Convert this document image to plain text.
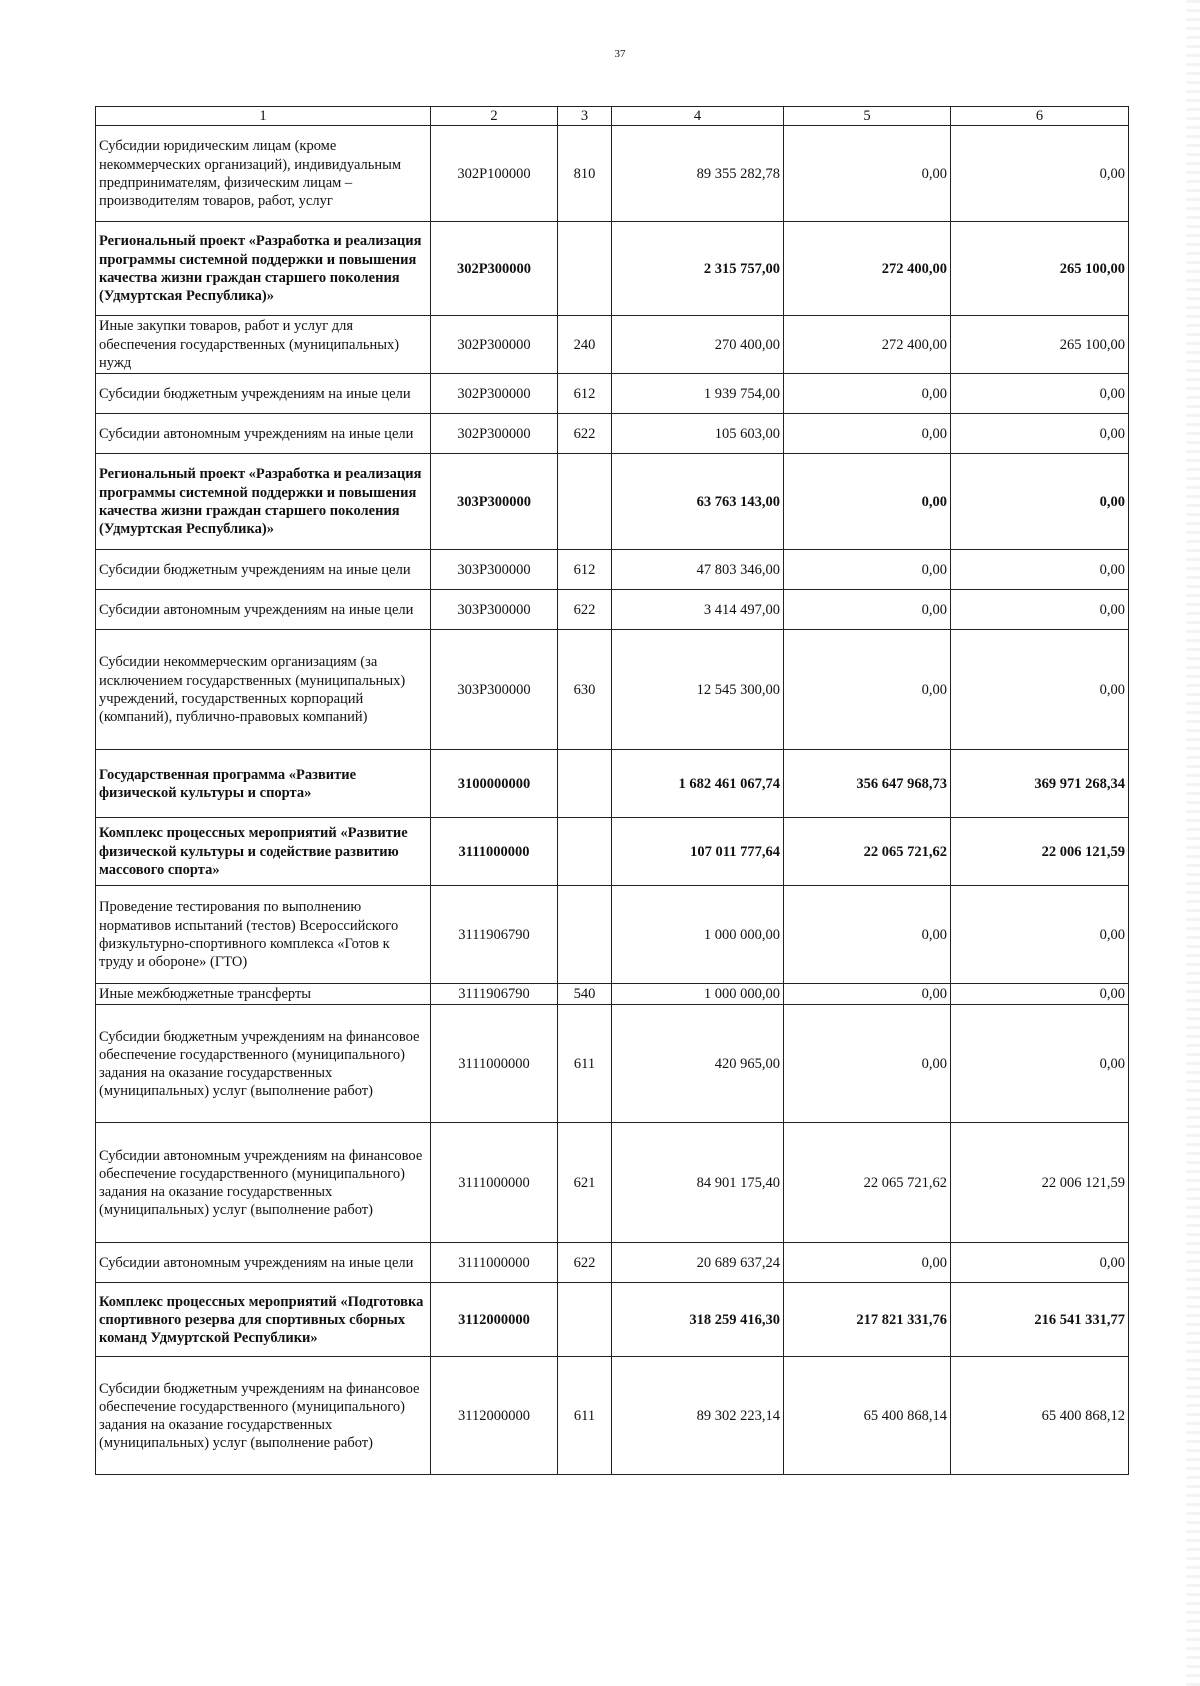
37
1	2	3	4	5	6
Субсидии юридическим лицам (кроме некоммерческих организаций), индивидуальным предпринимателям, физическим лицам – производителям товаров, работ, услуг	302P100000	810	89 355 282,78	0,00	0,00
Региональный проект «Разработка и реализация программы системной поддержки и повышения качества жизни граждан старшего поколения (Удмуртская Республика)»	302P300000		2 315 757,00	272 400,00	265 100,00
Иные закупки товаров, работ и услуг для обеспечения государственных (муниципальных) нужд	302P300000	240	270 400,00	272 400,00	265 100,00
Субсидии бюджетным учреждениям на иные цели	302P300000	612	1 939 754,00	0,00	0,00
Субсидии автономным учреждениям на иные цели	302P300000	622	105 603,00	0,00	0,00
Региональный проект «Разработка и реализация программы системной поддержки и повышения качества жизни граждан старшего поколения (Удмуртская Республика)»	303P300000		63 763 143,00	0,00	0,00
Субсидии бюджетным учреждениям на иные цели	303P300000	612	47 803 346,00	0,00	0,00
Субсидии автономным учреждениям на иные цели	303P300000	622	3 414 497,00	0,00	0,00
Субсидии некоммерческим организациям (за исключением государственных (муниципальных) учреждений, государственных корпораций (компаний), публично-правовых компаний)	303P300000	630	12 545 300,00	0,00	0,00
Государственная программа «Развитие физической культуры и спорта»	3100000000		1 682 461 067,74	356 647 968,73	369 971 268,34
Комплекс процессных мероприятий «Развитие физической культуры и содействие развитию массового спорта»	3111000000		107 011 777,64	22 065 721,62	22 006 121,59
Проведение тестирования по выполнению нормативов испытаний (тестов) Всероссийского физкультурно-спортивного комплекса «Готов к труду и обороне» (ГТО)	3111906790		1 000 000,00	0,00	0,00
Иные межбюджетные трансферты	3111906790	540	1 000 000,00	0,00	0,00
Субсидии бюджетным учреждениям на финансовое обеспечение государственного (муниципального) задания на оказание государственных (муниципальных) услуг (выполнение работ)	3111000000	611	420 965,00	0,00	0,00
Субсидии автономным учреждениям на финансовое обеспечение государственного (муниципального) задания на оказание государственных (муниципальных) услуг (выполнение работ)	3111000000	621	84 901 175,40	22 065 721,62	22 006 121,59
Субсидии автономным учреждениям на иные цели	3111000000	622	20 689 637,24	0,00	0,00
Комплекс процессных мероприятий «Подготовка спортивного резерва для спортивных сборных команд Удмуртской Республики»	3112000000		318 259 416,30	217 821 331,76	216 541 331,77
Субсидии бюджетным учреждениям на финансовое обеспечение государственного (муниципального) задания на оказание государственных (муниципальных) услуг (выполнение работ)	3112000000	611	89 302 223,14	65 400 868,14	65 400 868,12
